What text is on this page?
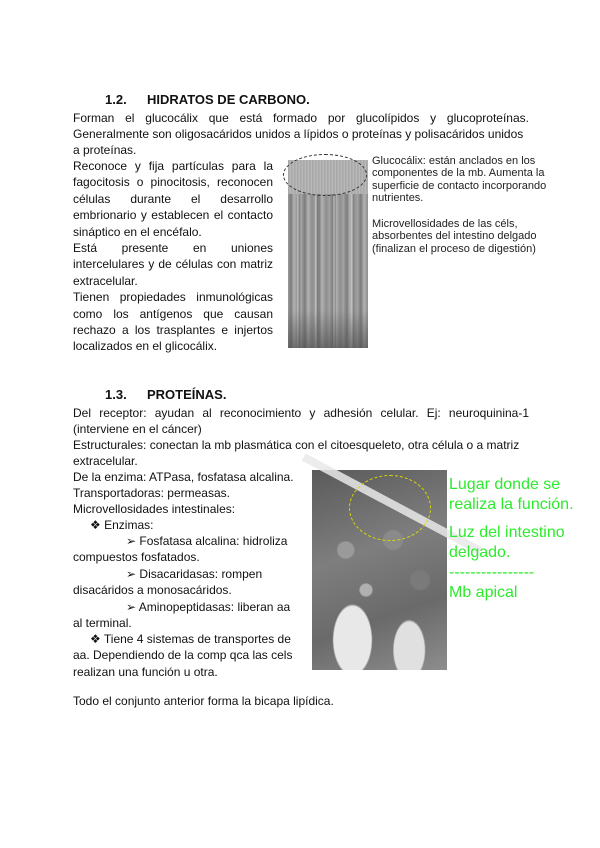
1.2. HIDRATOS DE CARBONO.
Forman el glucocálix que está formado por glucolípidos y glucoproteínas.
Generalmente son oligosacáridos unidos a lípidos o proteínas y polisacáridos unidos
a proteínas.
Reconoce y fija partículas para la
fagocitosis o pinocitosis, reconocen
células durante el desarrollo
embrionario y establecen el contacto
sináptico en el encéfalo.
Está presente en uniones
intercelulares y de células con matriz
extracelular.
Tienen propiedades inmunológicas
como los antígenos que causan
rechazo a los trasplantes e injertos
localizados en el glicocálix.
Glucocálix: están anclados en los
componentes de la mb. Aumenta la
superficie de contacto incorporando
nutrientes.
Microvellosidades de las céls,
absorbentes del intestino delgado
(finalizan el proceso de digestión)
1.3. PROTEÍNAS.
Del receptor: ayudan al reconocimiento y adhesión celular. Ej: neuroquinina-1
(interviene en el cáncer)
Estructurales: conectan la mb plasmática con el citoesqueleto, otra célula o a matriz
extracelular.
De la enzima: ATPasa, fosfatasa alcalina.
Transportadoras: permeasas.
Microvellosidades intestinales:
❖ Enzimas:
➢ Fosfatasa alcalina: hidroliza
compuestos fosfatados.
➢ Disacaridasas: rompen
disacáridos a monosacáridos.
➢ Aminopeptidasas: liberan aa
al terminal.
❖ Tiene 4 sistemas de transportes de
aa. Dependiendo de la comp qca las cels
realizan una función u otra.
Lugar donde se
realiza la función.
Luz del intestino
delgado.
----------------
Mb apical
Todo el conjunto anterior forma la bicapa lipídica.
